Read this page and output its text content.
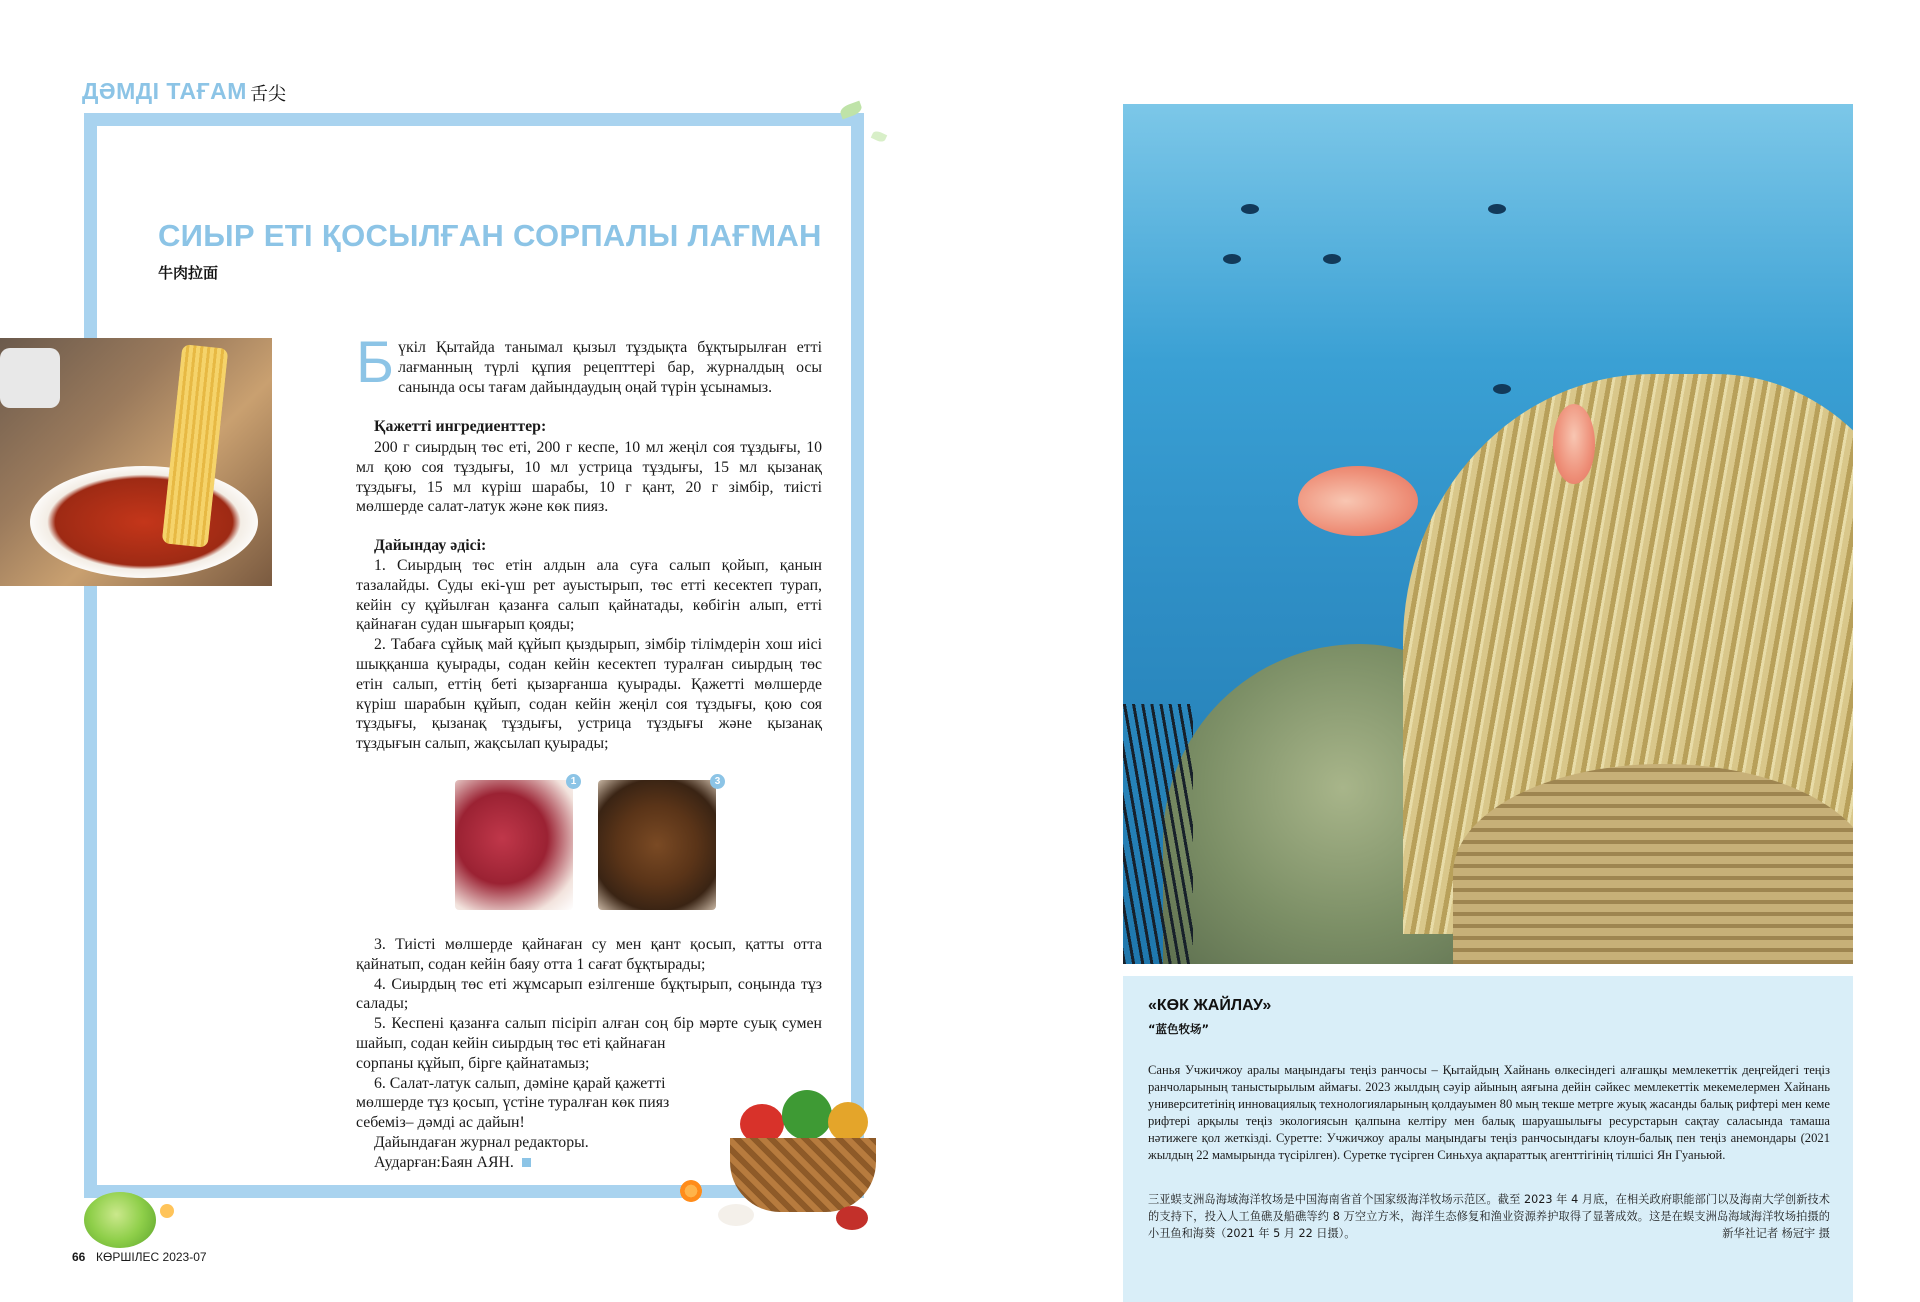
ДӘМДІ ТАҒАМ 舌尖
СИЫР ЕТІ ҚОСЫЛҒАН СОРПАЛЫ ЛАҒМАН
牛肉拉面
Бүкіл Қытайда танымал қызыл тұздықта бұқтырылған етті лағманның түрлі құпия рецепттері бар, журналдың осы санында осы тағам дайындаудың оңай түрін ұсынамыз.
Қажетті ингредиенттер:
200 г сиырдың төс еті, 200 г кеспе, 10 мл жеңіл соя тұздығы, 10 мл қою соя тұздығы, 10 мл устрица тұздығы, 15 мл қызанақ тұздығы, 15 мл күріш шарабы, 10 г қант, 20 г зімбір, тиісті мөлшерде салат-латук және көк пияз.
Дайындау әдісі:

1. Сиырдың төс етін алдын ала суға салып қойып, қанын тазалайды. Суды екі-үш рет ауыстырып, төс етті кесектеп турап, кейін су құйылған қазанға салып қайнатады, көбігін алып, етті қайнаған судан шығарып қояды;

2. Табаға сұйық май құйып қыздырып, зімбір тілімдерін хош иісі шыққанша қуырады, содан кейін кесектеп туралған сиырдың төс етін салып, еттің беті қызарғанша қуырады. Қажетті мөлшерде күріш шарабын құйып, содан кейін жеңіл соя тұздығы, қою соя тұздығы, қызанақ тұздығы, устрица тұздығы және қызанақ тұздығын салып, жақсылап қуырады;

1	3

3. Тиісті мөлшерде қайнаған су мен қант қосып, қатты отта қайнатып, содан кейін баяу отта 1 сағат бұқтырады;

4. Сиырдың төс еті жұмсарып езілгенше бұқтырып, соңында тұз салады;

5. Кеспені қазанға салып пісіріп алған соң бір мәрте суық сумен шайып, содан кейін сиырдың төс еті қайнаған

сорпаны құйып, бірге қайнатамыз;

6. Салат-латук салып, дәміне қарай қажетті

мөлшерде тұз қосып, үстіне туралған көк пияз

себеміз– дәмді ас дайын!

Дайындаған журнал редакторы.
Аударған:Баян АЯН.
66 КӨРШІЛЕС 2023-07
«КӨК ЖАЙЛАУ»
“蓝色牧场”
Санья Учжичжоу аралы маңындағы теңіз ранчосы – Қытайдың Хайнань өлкесіндегі алғашқы мемлекеттік деңгейдегі теңіз ранчоларының таныстырылым аймағы. 2023 жылдың сәуір айының аяғына дейін сәйкес мемлекеттік мекемелермен Хайнань университетінің инновациялық технологияларының қолдауымен 80 мың текше метрге жуық жасанды балық рифтері мен кеме рифтері арқылы теңіз экологиясын қалпына келтіру мен балық шаруашылығы ресурстарын сақтау саласында тамаша нәтижеге қол жеткізді. Суретте: Учжичжоу аралы маңындағы теңіз ранчосындағы клоун-балық пен теңіз анемондары (2021 жылдың 22 мамырында түсірілген). Суретке түсірген Синьхуа ақпараттық агенттігінің тілшісі Ян Гуаньюй.
三亚蜈支洲岛海域海洋牧场是中国海南省首个国家级海洋牧场示范区。截至 2023 年 4 月底，在相关政府职能部门以及海南大学创新技术的支持下，投入人工鱼礁及船礁等约 8 万空立方米，海洋生态修复和渔业资源养护取得了显著成效。这是在蜈支洲岛海域海洋牧场拍摄的小丑鱼和海葵（2021 年 5 月 22 日摄）。	新华社记者 杨冠宇 摄
